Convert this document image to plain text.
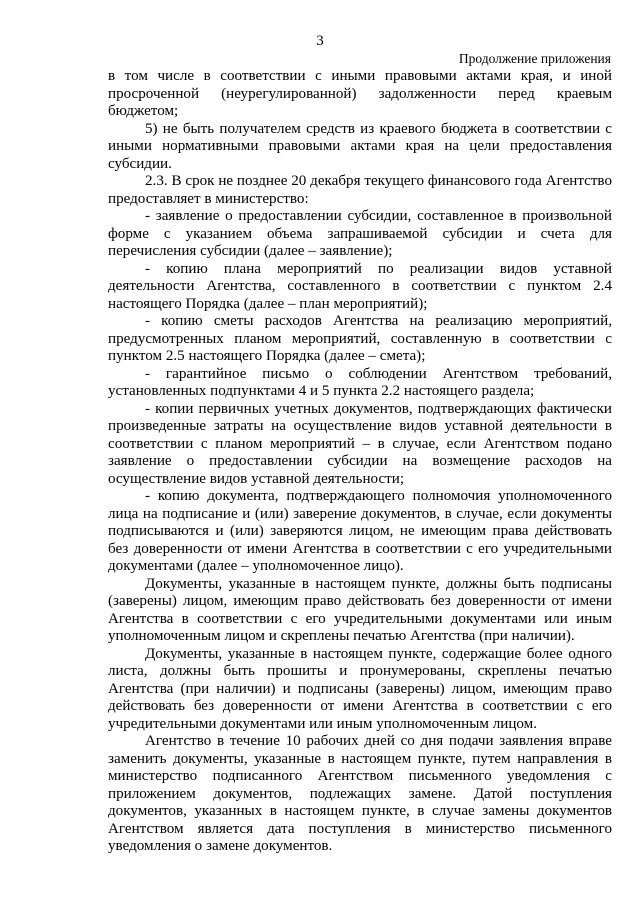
3
Продолжение приложения

в том числе в соответствии с иными правовыми актами края, и иной просроченной (неурегулированной) задолженности перед краевым бюджетом;

5) не быть получателем средств из краевого бюджета в соответствии с иными нормативными правовыми актами края на цели предоставления субсидии.

2.3. В срок не позднее 20 декабря текущего финансового года Агентство предоставляет в министерство:

- заявление о предоставлении субсидии, составленное в произвольной форме с указанием объема запрашиваемой субсидии и счета для перечисления субсидии (далее – заявление);

- копию плана мероприятий по реализации видов уставной деятельности Агентства, составленного в соответствии с пунктом 2.4 настоящего Порядка (далее – план мероприятий);

- копию сметы расходов Агентства на реализацию мероприятий, предусмотренных планом мероприятий, составленную в соответствии с пунктом 2.5 настоящего Порядка (далее – смета);

- гарантийное письмо о соблюдении Агентством требований, установленных подпунктами 4 и 5 пункта 2.2 настоящего раздела;

- копии первичных учетных документов, подтверждающих фактически произведенные затраты на осуществление видов уставной деятельности в соответствии с планом мероприятий – в случае, если Агентством подано заявление о предоставлении субсидии на возмещение расходов на осуществление видов уставной деятельности;

- копию документа, подтверждающего полномочия уполномоченного лица на подписание и (или) заверение документов, в случае, если документы подписываются и (или) заверяются лицом, не имеющим права действовать без доверенности от имени Агентства в соответствии с его учредительными документами (далее – уполномоченное лицо).

Документы, указанные в настоящем пункте, должны быть подписаны (заверены) лицом, имеющим право действовать без доверенности от имени Агентства в соответствии с его учредительными документами или иным уполномоченным лицом и скреплены печатью Агентства (при наличии).

Документы, указанные в настоящем пункте, содержащие более одного листа, должны быть прошиты и пронумерованы, скреплены печатью Агентства (при наличии) и подписаны (заверены) лицом, имеющим право действовать без доверенности от имени Агентства в соответствии с его учредительными документами или иным уполномоченным лицом.

Агентство в течение 10 рабочих дней со дня подачи заявления вправе заменить документы, указанные в настоящем пункте, путем направления в министерство подписанного Агентством письменного уведомления с приложением документов, подлежащих замене. Датой поступления документов, указанных в настоящем пункте, в случае замены документов Агентством является дата поступления в министерство письменного уведомления о замене документов.
